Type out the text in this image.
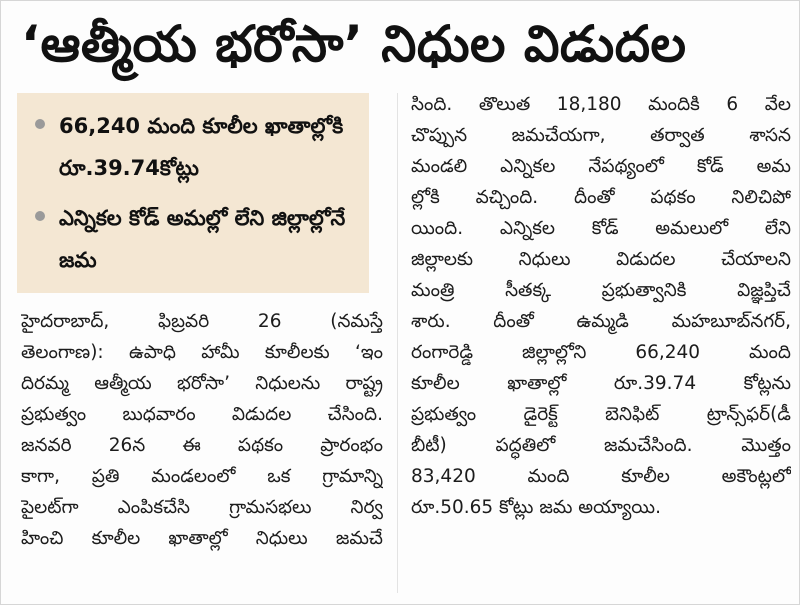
‘ఆత్మీయ భరోసా’ నిధుల విడుదల
66,240 మంది కూలీల ఖాతాల్లోకి రూ.39.74కోట్లు
ఎన్నికల కోడ్ అమల్లో లేని జిల్లాల్లోనే జమ
హైదరాబాద్, ఫిబ్రవరి 26 (నమస్తే
తెలంగాణ): ఉపాధి హామీ కూలీలకు ‘ఇం
దిరమ్మ ఆత్మీయ భరోసా’ నిధులను రాష్ట్ర
ప్రభుత్వం బుధవారం విడుదల చేసింది.
జనవరి 26న ఈ పథకం ప్రారంభం
కాగా, ప్రతి మండలంలో ఒక గ్రామాన్ని
పైలట్‌గా ఎంపికచేసి గ్రామసభలు నిర్వ
హించి కూలీల ఖాతాల్లో నిధులు జమచే
సింది. తొలుత 18,180 మందికి 6 వేల
చొప్పున జమచేయగా, తర్వాత శాసన
మండలి ఎన్నికల నేపథ్యంలో కోడ్ అమ
ల్లోకి వచ్చింది. దీంతో పథకం నిలిచిపో
యింది. ఎన్నికల కోడ్ అమలులో లేని
జిల్లాలకు నిధులు విడుదల చేయాలని
మంత్రి సీతక్క ప్రభుత్వానికి విజ్ఞప్తిచే
శారు. దీంతో ఉమ్మడి మహబూబ్‌నగర్,
రంగారెడ్డి జిల్లాల్లోని 66,240 మంది
కూలీల ఖాతాల్లో రూ.39.74 కోట్లను
ప్రభుత్వం డైరెక్ట్ బెనిఫిట్ ట్రాన్స్‌ఫర్(డీ
బీటీ) పద్ధతిలో జమచేసింది. మొత్తం
83,420 మంది కూలీల అకౌంట్లలో
రూ.50.65 కోట్లు జమ అయ్యాయి.
